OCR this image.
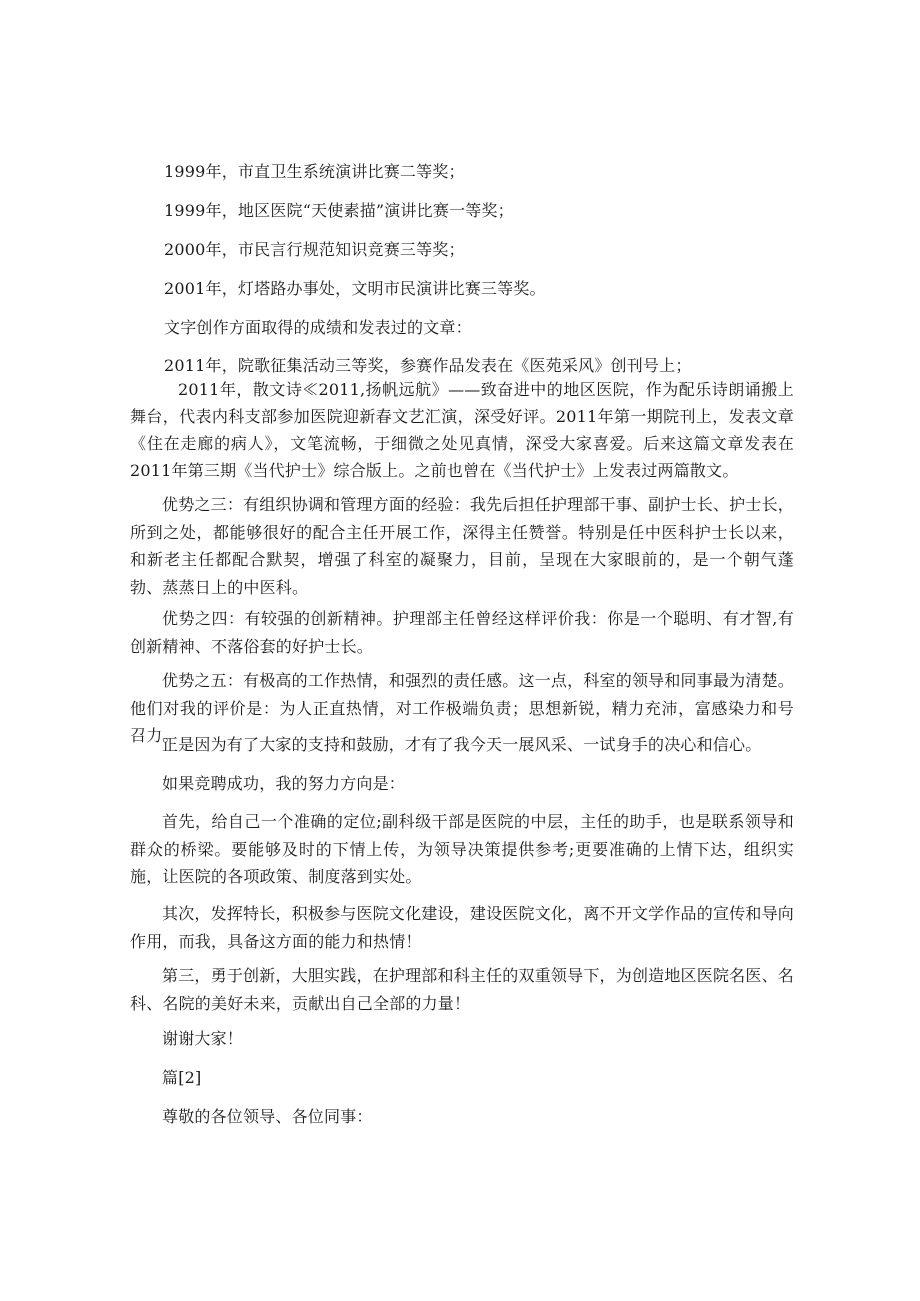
1999年，市直卫生系统演讲比赛二等奖；
1999年，地区医院“天使素描”演讲比赛一等奖；
2000年，市民言行规范知识竞赛三等奖；
2001年，灯塔路办事处，文明市民演讲比赛三等奖。
文字创作方面取得的成绩和发表过的文章：
2011年，院歌征集活动三等奖，参赛作品发表在《医苑采风》创刊号上；
2011年，散文诗≪2011,扬帆远航》——致奋进中的地区医院，作为配乐诗朗诵搬上舞台，代表内科支部参加医院迎新春文艺汇演，深受好评。2011年第一期院刊上，发表文章《住在走廊的病人》，文笔流畅，于细微之处见真情，深受大家喜爱。后来这篇文章发表在2011年第三期《当代护士》综合版上。之前也曾在《当代护士》上发表过两篇散文。
优势之三：有组织协调和管理方面的经验：我先后担任护理部干事、副护士长、护士长，所到之处，都能够很好的配合主任开展工作，深得主任赞誉。特别是任中医科护士长以来，和新老主任都配合默契，增强了科室的凝聚力，目前，呈现在大家眼前的，是一个朝气蓬勃、蒸蒸日上的中医科。
优势之四：有较强的创新精神。护理部主任曾经这样评价我：你是一个聪明、有才智,有创新精神、不落俗套的好护士长。
优势之五：有极高的工作热情，和强烈的责任感。这一点，科室的领导和同事最为清楚。他们对我的评价是：为人正直热情，对工作极端负责；思想新锐，精力充沛，富感染力和号召力。
正是因为有了大家的支持和鼓励，才有了我今天一展风采、一试身手的决心和信心。
如果竞聘成功，我的努力方向是：
首先，给自己一个准确的定位;副科级干部是医院的中层，主任的助手，也是联系领导和群众的桥梁。要能够及时的下情上传，为领导决策提供参考;更要准确的上情下达，组织实施，让医院的各项政策、制度落到实处。
其次，发挥特长，积极参与医院文化建设，建设医院文化，离不开文学作品的宣传和导向作用，而我，具备这方面的能力和热情！
第三，勇于创新，大胆实践，在护理部和科主任的双重领导下，为创造地区医院名医、名科、名院的美好未来，贡献出自己全部的力量！
谢谢大家！
篇[2]
尊敬的各位领导、各位同事：
